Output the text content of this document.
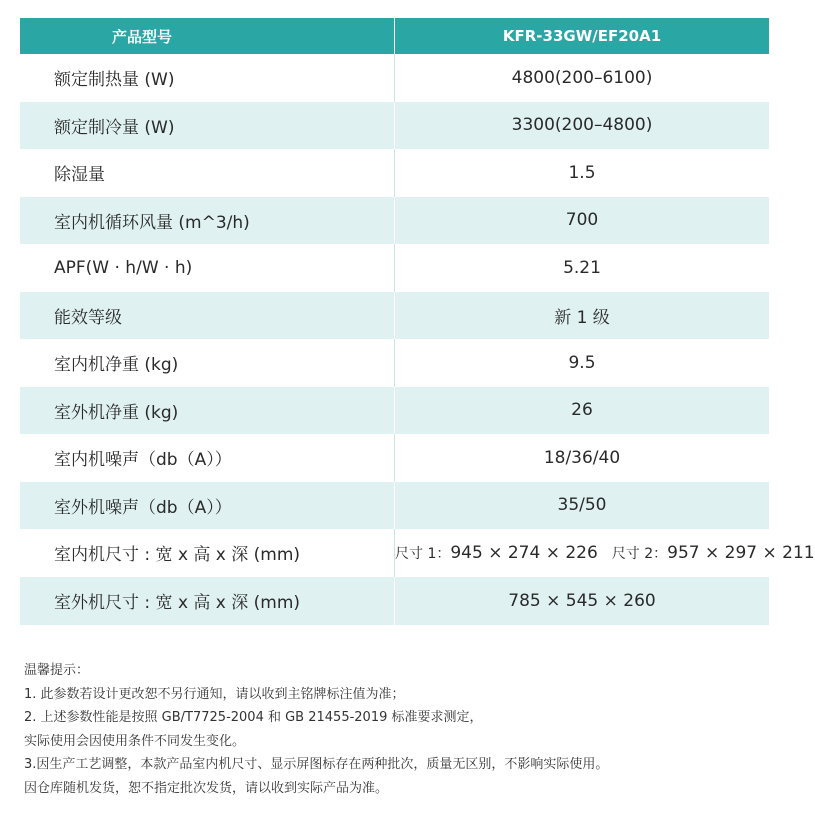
产品型号	KFR-33GW/EF20A1
额定制热量 (W)	4800(200–6100)
额定制冷量 (W)	3300(200–4800)
除湿量	1.5
室内机循环风量 (m^3/h)	700
APF(W · h/W · h)	5.21
能效等级	新 1 级
室内机净重 (kg)	9.5
室外机净重 (kg)	26
室内机噪声（db（A））	18/36/40
室外机噪声（db（A））	35/50
室内机尺寸 : 宽 x 高 x 深 (mm)	尺寸 1：945 × 274 × 226 尺寸 2：957 × 297 × 211
室外机尺寸 : 宽 x 高 x 深 (mm)	785 × 545 × 260
温馨提示：
1. 此参数若设计更改恕不另行通知，请以收到主铭牌标注值为准；
2. 上述参数性能是按照 GB/T7725-2004 和 GB 21455-2019 标准要求测定，
实际使用会因使用条件不同发生变化。
3.因生产工艺调整，本款产品室内机尺寸、显示屏图标存在两种批次，质量无区别，不影响实际使用。
因仓库随机发货，恕不指定批次发货，请以收到实际产品为准。
